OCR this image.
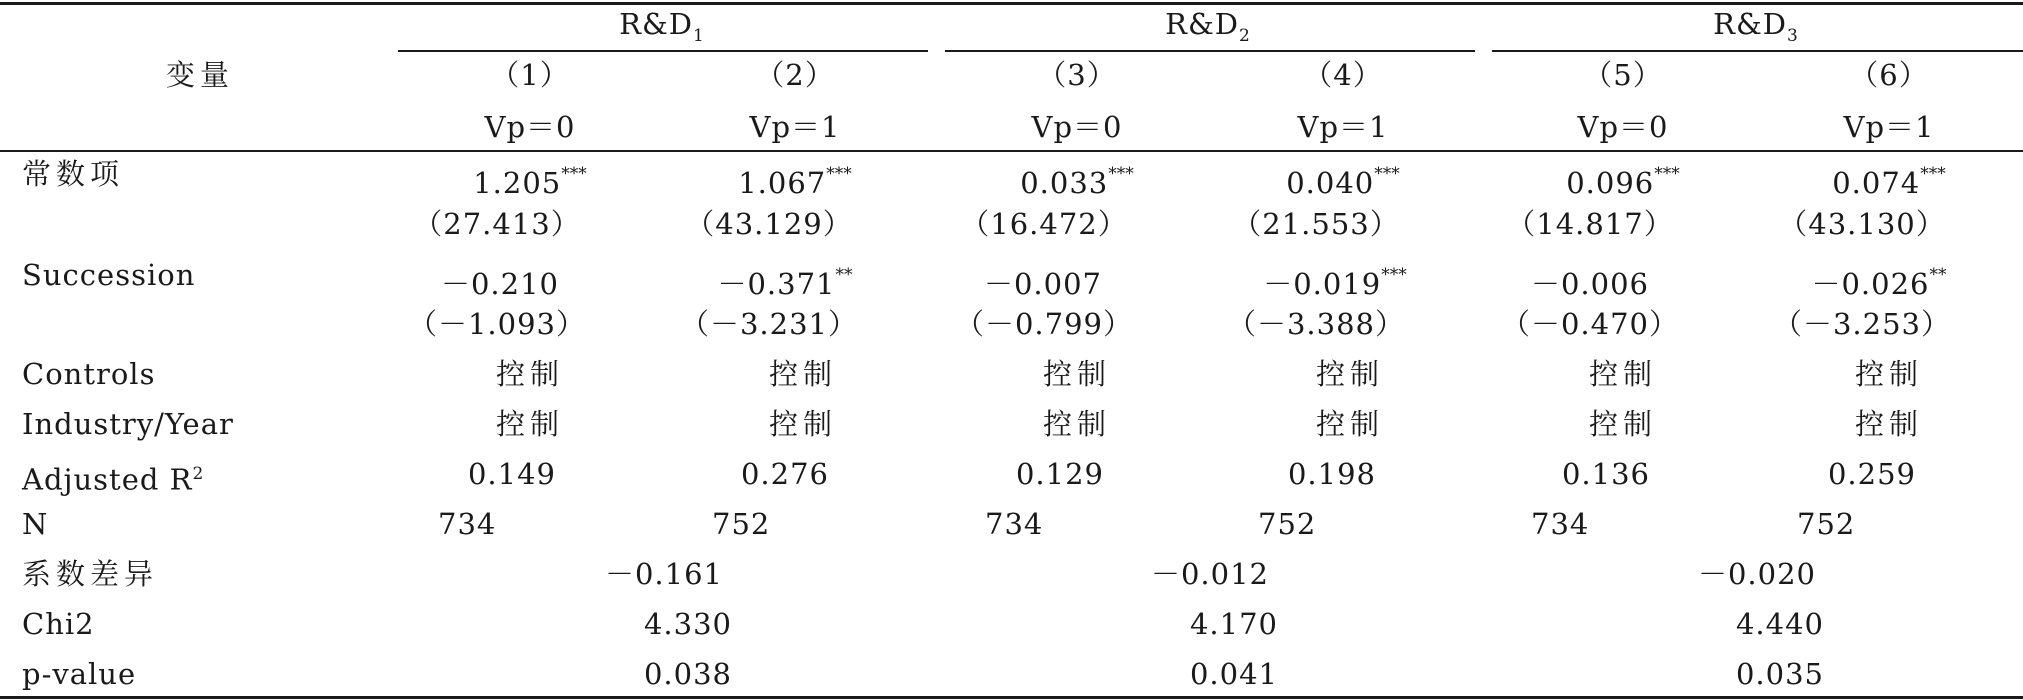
变量
$R\&D_1$	$R\&D_2$	$R\&D_3$
（1）	（2）	（3）	（4）	（5）	（6）
Vp＝0	Vp＝1	Vp＝0	Vp＝1	Vp＝0	Vp＝1
常数项	1.205***	1.067***	0.033***	0.040***	0.096***	0.074***
（27.413）	（43.129）	（16.472）	（21.553）	（14.817）	（43.130）
Succession	－0.210	－0.371**	－0.007	－0.019***	－0.006	－0.026**
（－1.093）	（－3.231）	（－0.799）	（－3.388）	（－0.470）	（－3.253）
Controls	控制	控制	控制	控制	控制	控制
Industry/Year	控制	控制	控制	控制	控制	控制
Adjusted $R^2$	0.149	0.276	0.129	0.198	0.136	0.259
N	734	752	734	752	734	752
系数差异	－0.161	－0.012	－0.020
Chi2	4.330	4.170	4.440
p-value	0.038	0.041	0.035
